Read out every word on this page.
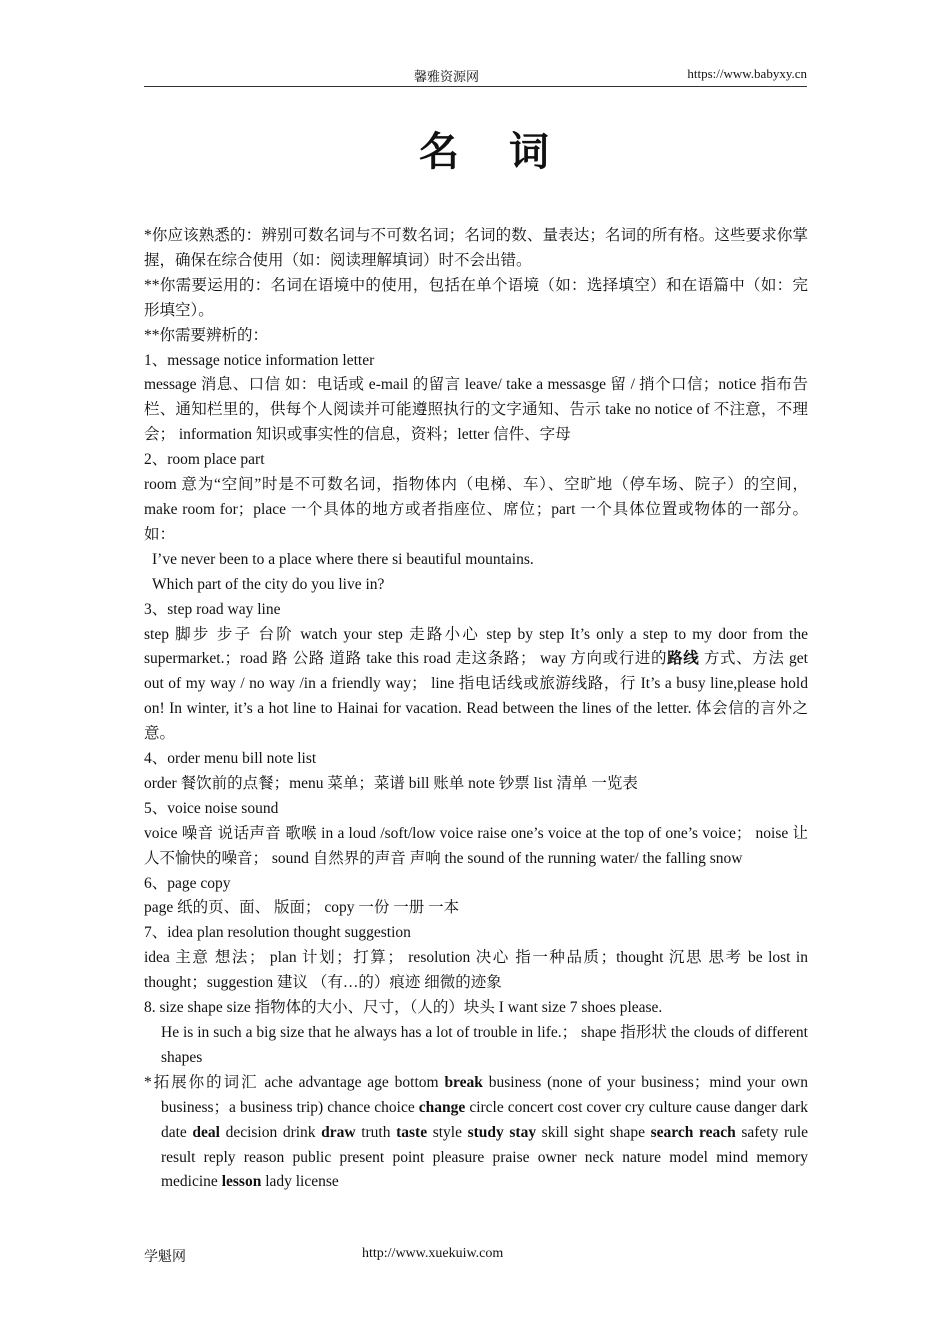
馨雅资源网	https://www.babyxy.cn
名 词

*你应该熟悉的：辨别可数名词与不可数名词；名词的数、量表达；名词的所有格。这些要求你掌握，确保在综合使用（如：阅读理解填词）时不会出错。

**你需要运用的：名词在语境中的使用，包括在单个语境（如：选择填空）和在语篇中（如：完形填空）。

**你需要辨析的：

1、message notice information letter

message 消息、口信 如：电话或 e-mail 的留言 leave/ take a messasge 留 / 捎个口信；notice 指布告栏、通知栏里的，供每个人阅读并可能遵照执行的文字通知、告示 take no notice of 不注意，不理会； information 知识或事实性的信息，资料；letter 信件、字母

2、room place part

room 意为“空间”时是不可数名词，指物体内（电梯、车）、空旷地（停车场、院子）的空间，make room for；place 一个具体的地方或者指座位、席位；part 一个具体位置或物体的一部分。如：

I’ve never been to a place where there si beautiful mountains.

Which part of the city do you live in?

3、step road way line

step 脚步 步子 台阶 watch your step 走路小心 step by step It’s only a step to my door from the supermarket.；road 路 公路 道路 take this road 走这条路； way 方向或行进的路线 方式、方法 get out of my way / no way /in a friendly way； line 指电话线或旅游线路，行 It’s a busy line,please hold on! In winter, it’s a hot line to Hainai for vacation. Read between the lines of the letter. 体会信的言外之意。

4、order menu bill note list

order 餐饮前的点餐；menu 菜单；菜谱 bill 账单 note 钞票 list 清单 一览表

5、voice noise sound

voice 噪音 说话声音 歌喉 in a loud /soft/low voice raise one’s voice at the top of one’s voice； noise 让人不愉快的噪音； sound 自然界的声音 声响 the sound of the running water/ the falling snow

6、page copy

page 纸的页、面、 版面； copy 一份 一册 一本

7、idea plan resolution thought suggestion

idea 主意 想法； plan 计划；打算； resolution 决心 指一种品质；thought 沉思 思考 be lost in thought；suggestion 建议 （有…的）痕迹 细微的迹象

8. size shape size 指物体的大小、尺寸，（人的）块头 I want size 7 shoes please.

He is in such a big size that he always has a lot of trouble in life.； shape 指形状 the clouds of different shapes

*拓展你的词汇 ache advantage age bottom break business (none of your business；mind your own business；a business trip) chance choice change circle concert cost cover cry culture cause danger dark date deal decision drink draw truth taste style study stay skill sight shape search reach safety rule result reply reason public present point pleasure praise owner neck nature model mind memory medicine lesson lady license

学魁网	http://www.xuekuiw.com
